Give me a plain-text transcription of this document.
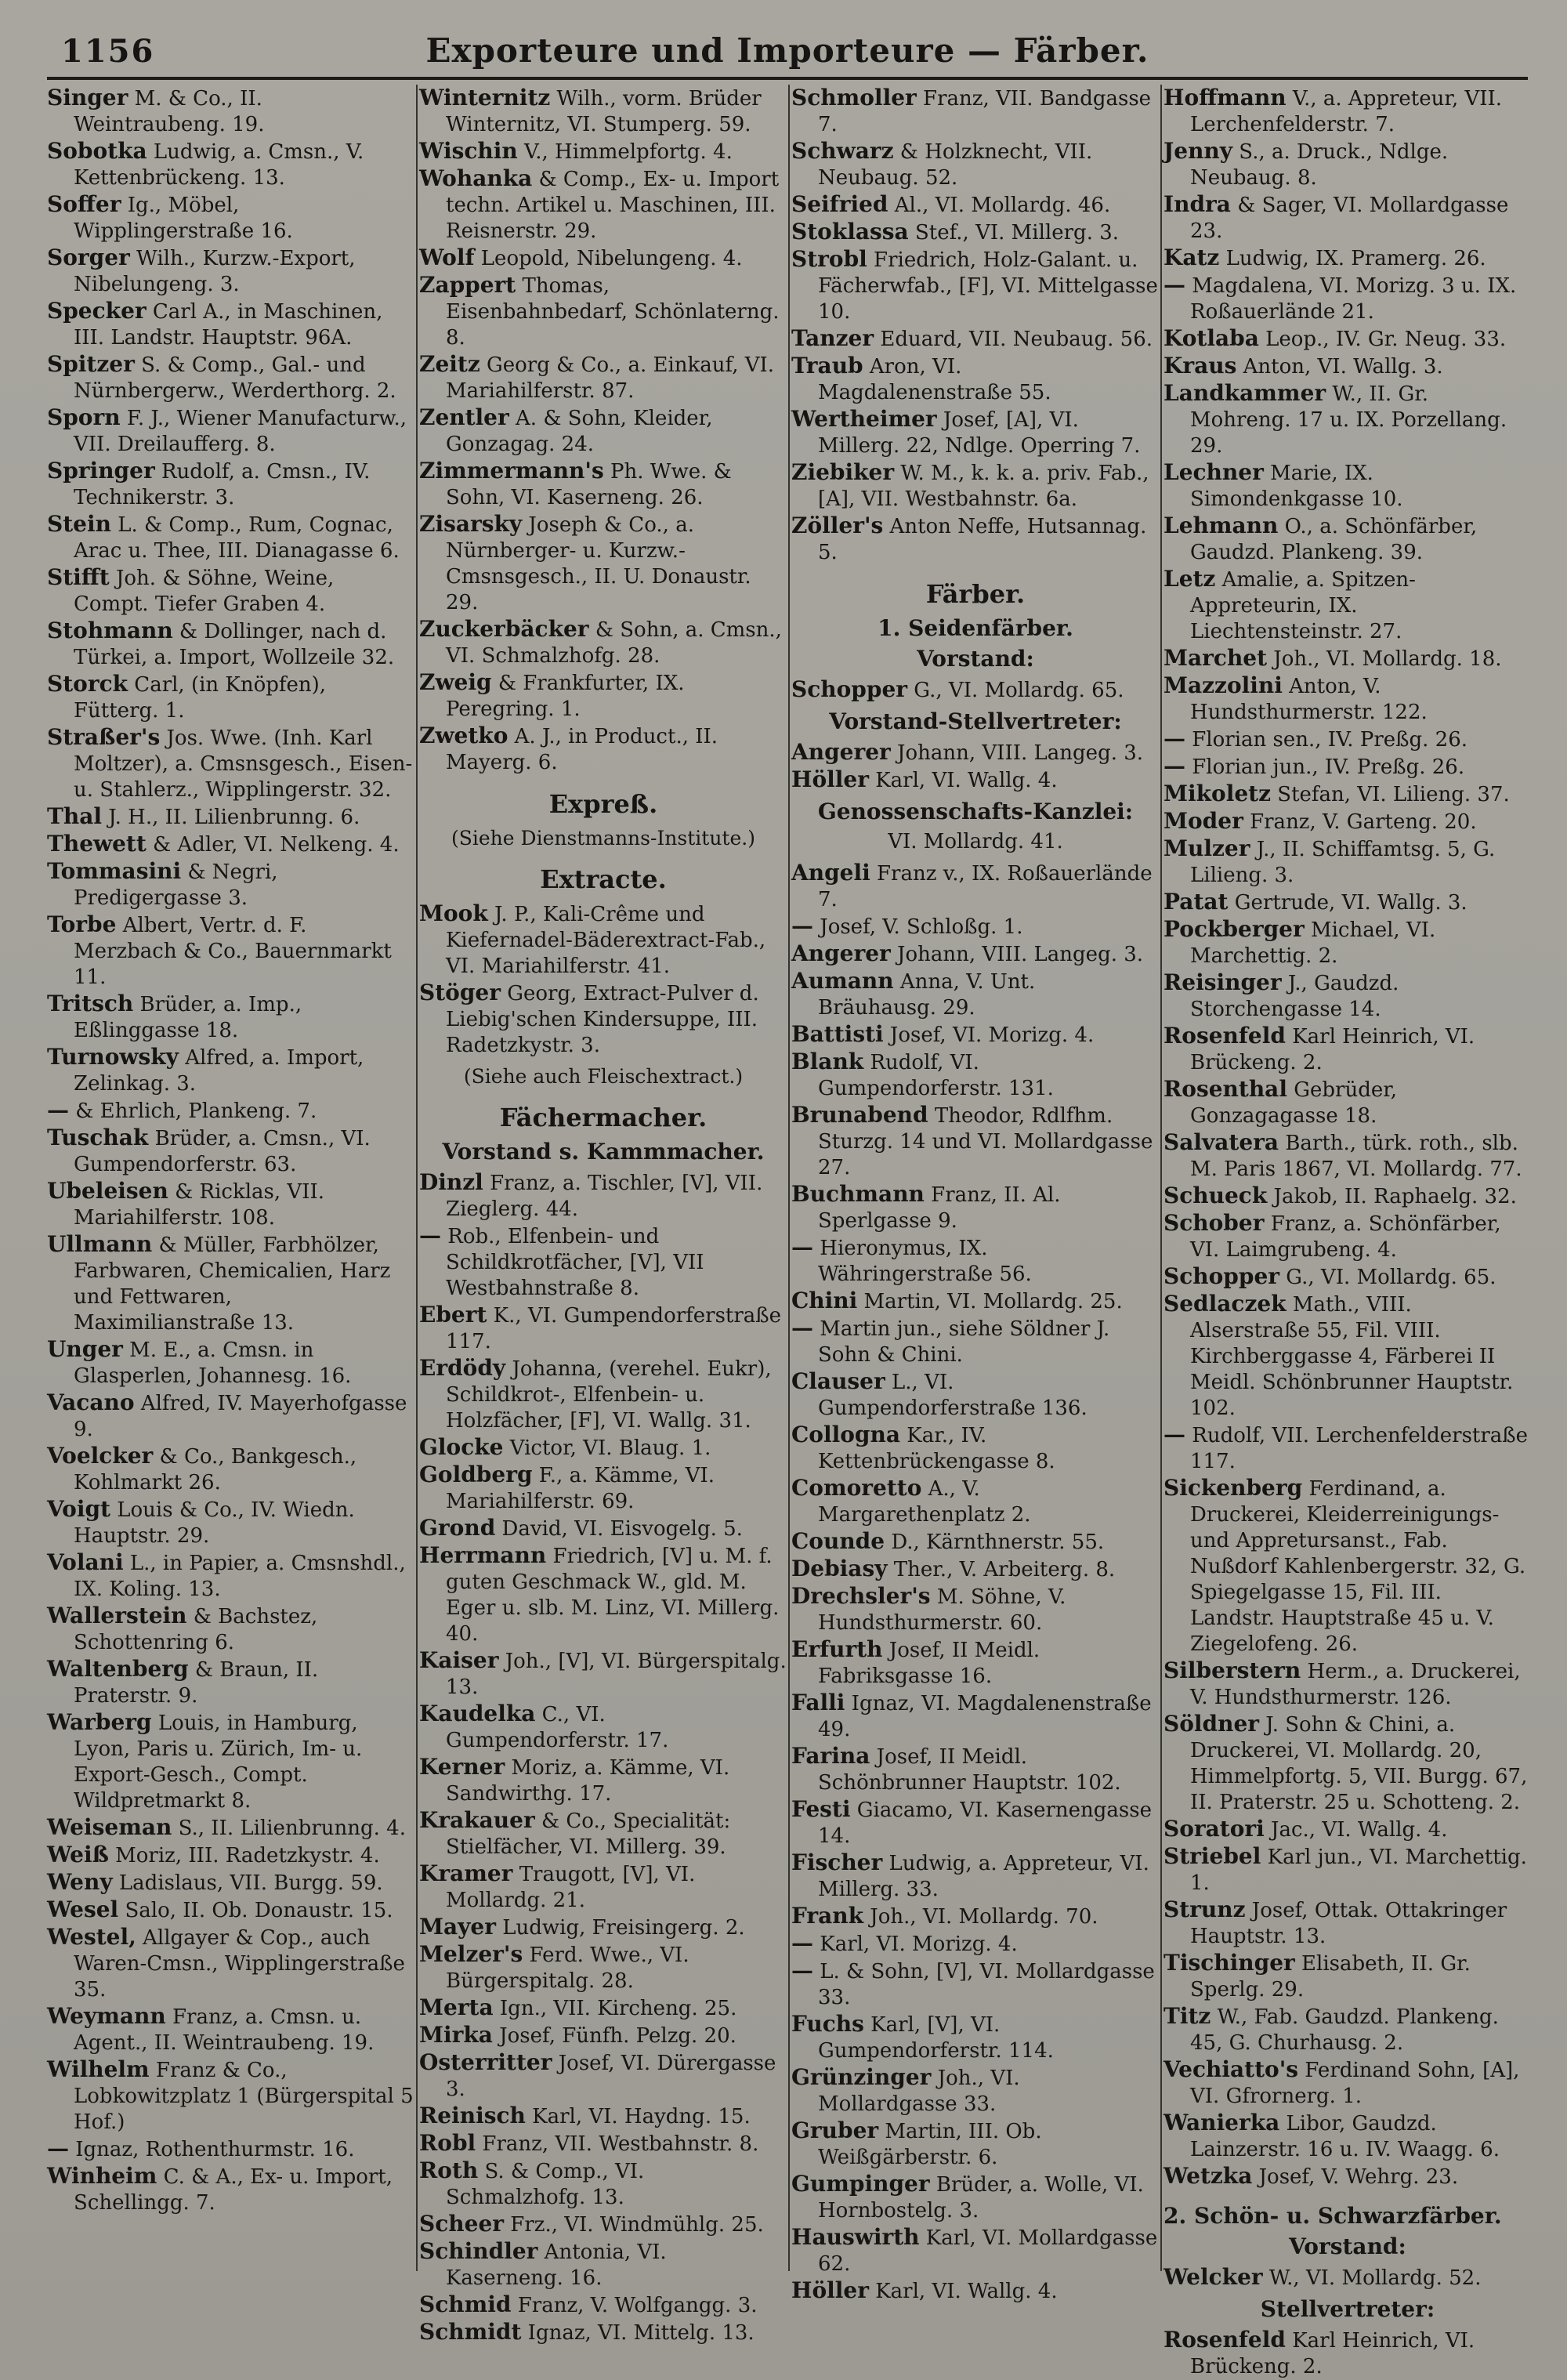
1156	Exporteure und Importeure — Färber.

Singer M. & Co., II. Weintraubeng. 19.

Sobotka Ludwig, a. Cmsn., V. Kettenbrückeng. 13.

Soffer Ig., Möbel, Wipplingerstraße 16.

Sorger Wilh., Kurzw.-Export, Nibelungeng. 3.

Specker Carl A., in Maschinen, III. Landstr. Hauptstr. 96A.

Spitzer S. & Comp., Gal.- und Nürnbergerw., Werderthorg. 2.

Sporn F. J., Wiener Manufacturw., VII. Dreilaufferg. 8.

Springer Rudolf, a. Cmsn., IV. Technikerstr. 3.

Stein L. & Comp., Rum, Cognac, Arac u. Thee, III. Dianagasse 6.

Stifft Joh. & Söhne, Weine, Compt. Tiefer Graben 4.

Stohmann & Dollinger, nach d. Türkei, a. Import, Wollzeile 32.

Storck Carl, (in Knöpfen), Fütterg. 1.

Straßer's Jos. Wwe. (Inh. Karl Moltzer), a. Cmsnsgesch., Eisen- u. Stahlerz., Wipplingerstr. 32.

Thal J. H., II. Lilienbrunng. 6.

Thewett & Adler, VI. Nelkeng. 4.

Tommasini & Negri, Predigergasse 3.

Torbe Albert, Vertr. d. F. Merzbach & Co., Bauernmarkt 11.

Tritsch Brüder, a. Imp., Eßlinggasse 18.

Turnowsky Alfred, a. Import, Zelinkag. 3.

— & Ehrlich, Plankeng. 7.

Tuschak Brüder, a. Cmsn., VI. Gumpendorferstr. 63.

Ubeleisen & Ricklas, VII. Mariahilferstr. 108.

Ullmann & Müller, Farbhölzer, Farbwaren, Chemicalien, Harz und Fettwaren, Maximilianstraße 13.

Unger M. E., a. Cmsn. in Glasperlen, Johannesg. 16.

Vacano Alfred, IV. Mayerhofgasse 9.

Voelcker & Co., Bankgesch., Kohlmarkt 26.

Voigt Louis & Co., IV. Wiedn. Hauptstr. 29.

Volani L., in Papier, a. Cmsnshdl., IX. Koling. 13.

Wallerstein & Bachstez, Schottenring 6.

Waltenberg & Braun, II. Praterstr. 9.

Warberg Louis, in Hamburg, Lyon, Paris u. Zürich, Im- u. Export-Gesch., Compt. Wildpretmarkt 8.

Weiseman S., II. Lilienbrunng. 4.

Weiß Moriz, III. Radetzkystr. 4.

Weny Ladislaus, VII. Burgg. 59.

Wesel Salo, II. Ob. Donaustr. 15.

Westel, Allgayer & Cop., auch Waren-Cmsn., Wipplingerstraße 35.

Weymann Franz, a. Cmsn. u. Agent., II. Weintraubeng. 19.

Wilhelm Franz & Co., Lobkowitzplatz 1 (Bürgerspital 5 Hof.)

— Ignaz, Rothenthurmstr. 16.

Winheim C. & A., Ex- u. Import, Schellingg. 7.

Winternitz Wilh., vorm. Brüder Winternitz, VI. Stumperg. 59.

Wischin V., Himmelpfortg. 4.

Wohanka & Comp., Ex- u. Import techn. Artikel u. Maschinen, III. Reisnerstr. 29.

Wolf Leopold, Nibelungeng. 4.

Zappert Thomas, Eisenbahnbedarf, Schönlaterng. 8.

Zeitz Georg & Co., a. Einkauf, VI. Mariahilferstr. 87.

Zentler A. & Sohn, Kleider, Gonzagag. 24.

Zimmermann's Ph. Wwe. & Sohn, VI. Kaserneng. 26.

Zisarsky Joseph & Co., a. Nürnberger- u. Kurzw.-Cmsnsgesch., II. U. Donaustr. 29.

Zuckerbäcker & Sohn, a. Cmsn., VI. Schmalzhofg. 28.

Zweig & Frankfurter, IX. Peregring. 1.

Zwetko A. J., in Product., II. Mayerg. 6.

Expreß.
(Siehe Dienstmanns-Institute.)
Extracte.

Mook J. P., Kali-Crême und Kiefernadel-Bäderextract-Fab., VI. Mariahilferstr. 41.

Stöger Georg, Extract-Pulver d. Liebig'schen Kindersuppe, III. Radetzkystr. 3.

(Siehe auch Fleischextract.)
Fächermacher.
Vorstand s. Kammmacher.

Dinzl Franz, a. Tischler, [V], VII. Zieglerg. 44.

— Rob., Elfenbein- und Schildkrotfächer, [V], VII Westbahnstraße 8.

Ebert K., VI. Gumpendorferstraße 117.

Erdödy Johanna, (verehel. Eukr), Schildkrot-, Elfenbein- u. Holzfächer, [F], VI. Wallg. 31.

Glocke Victor, VI. Blaug. 1.

Goldberg F., a. Kämme, VI. Mariahilferstr. 69.

Grond David, VI. Eisvogelg. 5.

Herrmann Friedrich, [V] u. M. f. guten Geschmack W., gld. M. Eger u. slb. M. Linz, VI. Millerg. 40.

Kaiser Joh., [V], VI. Bürgerspitalg. 13.

Kaudelka C., VI. Gumpendorferstr. 17.

Kerner Moriz, a. Kämme, VI. Sandwirthg. 17.

Krakauer & Co., Specialität: Stielfächer, VI. Millerg. 39.

Kramer Traugott, [V], VI. Mollardg. 21.

Mayer Ludwig, Freisingerg. 2.

Melzer's Ferd. Wwe., VI. Bürgerspitalg. 28.

Merta Ign., VII. Kircheng. 25.

Mirka Josef, Fünfh. Pelzg. 20.

Osterritter Josef, VI. Dürergasse 3.

Reinisch Karl, VI. Haydng. 15.

Robl Franz, VII. Westbahnstr. 8.

Roth S. & Comp., VI. Schmalzhofg. 13.

Scheer Frz., VI. Windmühlg. 25.

Schindler Antonia, VI. Kaserneng. 16.

Schmid Franz, V. Wolfgangg. 3.

Schmidt Ignaz, VI. Mittelg. 13.

Schmoller Franz, VII. Bandgasse 7.

Schwarz & Holzknecht, VII. Neubaug. 52.

Seifried Al., VI. Mollardg. 46.

Stoklassa Stef., VI. Millerg. 3.

Strobl Friedrich, Holz-Galant. u. Fächerwfab., [F], VI. Mittelgasse 10.

Tanzer Eduard, VII. Neubaug. 56.

Traub Aron, VI. Magdalenenstraße 55.

Wertheimer Josef, [A], VI. Millerg. 22, Ndlge. Operring 7.

Ziebiker W. M., k. k. a. priv. Fab., [A], VII. Westbahnstr. 6a.

Zöller's Anton Neffe, Hutsannag. 5.

Färber.
1. Seidenfärber.
Vorstand:

Schopper G., VI. Mollardg. 65.

Vorstand-Stellvertreter:

Angerer Johann, VIII. Langeg. 3.

Höller Karl, VI. Wallg. 4.

Genossenschafts-Kanzlei:
VI. Mollardg. 41.

Angeli Franz v., IX. Roßauerlände 7.

— Josef, V. Schloßg. 1.

Angerer Johann, VIII. Langeg. 3.

Aumann Anna, V. Unt. Bräuhausg. 29.

Battisti Josef, VI. Morizg. 4.

Blank Rudolf, VI. Gumpendorferstr. 131.

Brunabend Theodor, Rdlfhm. Sturzg. 14 und VI. Mollardgasse 27.

Buchmann Franz, II. Al. Sperlgasse 9.

— Hieronymus, IX. Währingerstraße 56.

Chini Martin, VI. Mollardg. 25.

— Martin jun., siehe Söldner J. Sohn & Chini.

Clauser L., VI. Gumpendorferstraße 136.

Collogna Kar., IV. Kettenbrückengasse 8.

Comoretto A., V. Margarethenplatz 2.

Counde D., Kärnthnerstr. 55.

Debiasy Ther., V. Arbeiterg. 8.

Drechsler's M. Söhne, V. Hundsthurmerstr. 60.

Erfurth Josef, II Meidl. Fabriksgasse 16.

Falli Ignaz, VI. Magdalenenstraße 49.

Farina Josef, II Meidl. Schönbrunner Hauptstr. 102.

Festi Giacamo, VI. Kasernengasse 14.

Fischer Ludwig, a. Appreteur, VI. Millerg. 33.

Frank Joh., VI. Mollardg. 70.

— Karl, VI. Morizg. 4.

— L. & Sohn, [V], VI. Mollardgasse 33.

Fuchs Karl, [V], VI. Gumpendorferstr. 114.

Grünzinger Joh., VI. Mollardgasse 33.

Gruber Martin, III. Ob. Weißgärberstr. 6.

Gumpinger Brüder, a. Wolle, VI. Hornbostelg. 3.

Hauswirth Karl, VI. Mollardgasse 62.

Höller Karl, VI. Wallg. 4.

Hoffmann V., a. Appreteur, VII. Lerchenfelderstr. 7.

Jenny S., a. Druck., Ndlge. Neubaug. 8.

Indra & Sager, VI. Mollardgasse 23.

Katz Ludwig, IX. Pramerg. 26.

— Magdalena, VI. Morizg. 3 u. IX. Roßauerlände 21.

Kotlaba Leop., IV. Gr. Neug. 33.

Kraus Anton, VI. Wallg. 3.

Landkammer W., II. Gr. Mohreng. 17 u. IX. Porzellang. 29.

Lechner Marie, IX. Simondenkgasse 10.

Lehmann O., a. Schönfärber, Gaudzd. Plankeng. 39.

Letz Amalie, a. Spitzen-Appreteurin, IX. Liechtensteinstr. 27.

Marchet Joh., VI. Mollardg. 18.

Mazzolini Anton, V. Hundsthurmerstr. 122.

— Florian sen., IV. Preßg. 26.

— Florian jun., IV. Preßg. 26.

Mikoletz Stefan, VI. Lilieng. 37.

Moder Franz, V. Garteng. 20.

Mulzer J., II. Schiffamtsg. 5, G. Lilieng. 3.

Patat Gertrude, VI. Wallg. 3.

Pockberger Michael, VI. Marchettig. 2.

Reisinger J., Gaudzd. Storchengasse 14.

Rosenfeld Karl Heinrich, VI. Brückeng. 2.

Rosenthal Gebrüder, Gonzagagasse 18.

Salvatera Barth., türk. roth., slb. M. Paris 1867, VI. Mollardg. 77.

Schueck Jakob, II. Raphaelg. 32.

Schober Franz, a. Schönfärber, VI. Laimgrubeng. 4.

Schopper G., VI. Mollardg. 65.

Sedlaczek Math., VIII. Alserstraße 55, Fil. VIII. Kirchberggasse 4, Färberei II Meidl. Schönbrunner Hauptstr. 102.

— Rudolf, VII. Lerchenfelderstraße 117.

Sickenberg Ferdinand, a. Druckerei, Kleiderreinigungs- und Appretursanst., Fab. Nußdorf Kahlenbergerstr. 32, G. Spiegelgasse 15, Fil. III. Landstr. Hauptstraße 45 u. V. Ziegelofeng. 26.

Silberstern Herm., a. Druckerei, V. Hundsthurmerstr. 126.

Söldner J. Sohn & Chini, a. Druckerei, VI. Mollardg. 20, Himmelpfortg. 5, VII. Burgg. 67, II. Praterstr. 25 u. Schotteng. 2.

Soratori Jac., VI. Wallg. 4.

Striebel Karl jun., VI. Marchettig. 1.

Strunz Josef, Ottak. Ottakringer Hauptstr. 13.

Tischinger Elisabeth, II. Gr. Sperlg. 29.

Titz W., Fab. Gaudzd. Plankeng. 45, G. Churhausg. 2.

Vechiatto's Ferdinand Sohn, [A], VI. Gfrornerg. 1.

Wanierka Libor, Gaudzd. Lainzerstr. 16 u. IV. Waagg. 6.

Wetzka Josef, V. Wehrg. 23.

2. Schön- u. Schwarzfärber.
Vorstand:

Welcker W., VI. Mollardg. 52.

Stellvertreter:

Rosenfeld Karl Heinrich, VI. Brückeng. 2.
